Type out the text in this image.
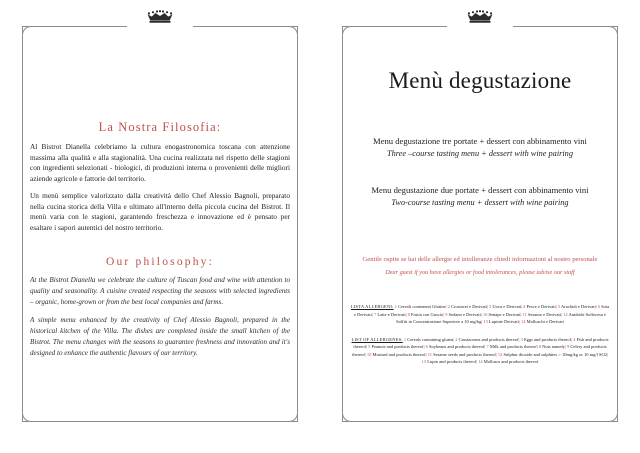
La Nostra Filosofia:

Al Bistrot Dianella celebriamo la cultura enogastronomica toscana con attenzione massima alla qualità e alla stagionalità. Una cucina realizzata nel rispetto delle stagioni con ingredienti selezionati - biologici, di produzioni interna o provenienti delle migliori aziende agricole e fattorie del territorio.

Un menù semplice valorizzato dalla creatività dello Chef Alessio Bagnoli, preparato nella cucina storica della Villa e ultimato all'interno della piccola cucina del Bistrot. Il menù varia con le stagioni, garantendo freschezza e innovazione ed è pensato per esaltare i sapori autentici del nostro territorio.

Our philosophy:

At the Bistrot Dianella we celebrate the culture of Tuscan food and wine with attention to quality and seasonality. A cuisine created respecting the seasons with selected ingredients – organic, home-grown or from the best local companies and farms.

A simple menu enhanced by the creativity of Chef Alessio Bagnoli, prepared in the historical kitchen of the Villa. The dishes are completed inside the small kitchen of the Bistrot. The menu changes with the seasons to guarantee freshness and innovation and it's designed to enhance the authentic flavours of our territory.

Menù degustazione
Menu degustazione tre portate + dessert con abbinamento vini
Three –course tasting menu + dessert with wine pairing
Menu degustazione due portate + dessert con abbinamento vini
Two-course tasting menu + dessert with wine pairing
Gentile ospite se hai delle allergie ed intolleranze chiedi informazioni al nostro personale
Dear guest if you have allergies or food intolerances, please advise our staff
LISTA ALLERGENI: 1 Cereali contenenti Glutine| 2 Crostacei e Derivati| 3 Uova e Derivati| 4 Pesce e Derivati| 5 Arachidi e Derivati| 6 Soia e Derivati| 7 Latte e Derivati| 8 Frutta con Guscio| 9 Sedano e Derivati| 10 Senape e Derivati| 11 Sesamo e Derivati| 12 Anidride Solforosa e Solfiti in Concentrazione Superiore a 10 mg/kg| 13 Lupinie Derivati| 14 Molluschi e Derivati
LIST OF ALLERGENES: 1 Cereals containing gluten| 2 Crustaceans and products thereof| 3 Eggs and products thereof| 4 Fish and products thereof| 5 Peanuts and products thereof| 6 Soybeans and products thereof| 7 Milk and products thereof| 8 Nuts namely| 9 Celery and products thereof| 10 Mustard and products thereof| 11 Sesame seeds and products thereof| 12 Sulphur dioxide and sulphites > 10mg/kg or 10 mg/l SO2| 13 Lupin and products thereof| 14 Molluscs and products thereof
